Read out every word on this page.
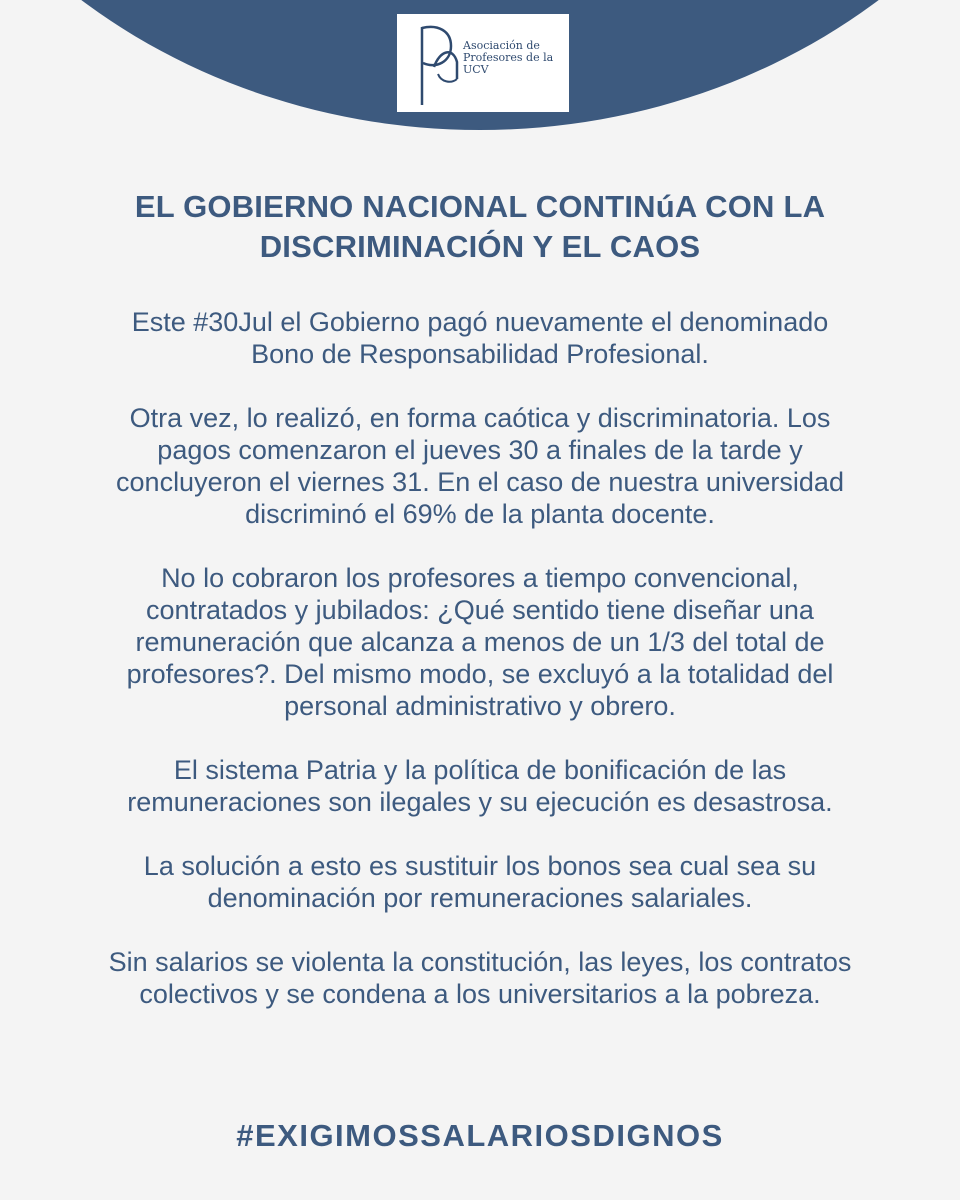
Asociación de
Profesores de la
UCV
EL GOBIERNO NACIONAL CONTINúA CON LA
DISCRIMINACIÓN Y EL CAOS

Este #30Jul el Gobierno pagó nuevamente el denominado
Bono de Responsabilidad Profesional.

Otra vez, lo realizó, en forma caótica y discriminatoria. Los
pagos comenzaron el jueves 30 a finales de la tarde y
concluyeron el viernes 31. En el caso de nuestra universidad
discriminó el 69% de la planta docente.

No lo cobraron los profesores a tiempo convencional,
contratados y jubilados: ¿Qué sentido tiene diseñar una
remuneración que alcanza a menos de un 1/3 del total de
profesores?. Del mismo modo, se excluyó a la totalidad del
personal administrativo y obrero.

El sistema Patria y la política de bonificación de las
remuneraciones son ilegales y su ejecución es desastrosa.

La solución a esto es sustituir los bonos sea cual sea su
denominación por remuneraciones salariales.

Sin salarios se violenta la constitución, las leyes, los contratos
colectivos y se condena a los universitarios a la pobreza.

#EXIGIMOSSALARIOSDIGNOS
